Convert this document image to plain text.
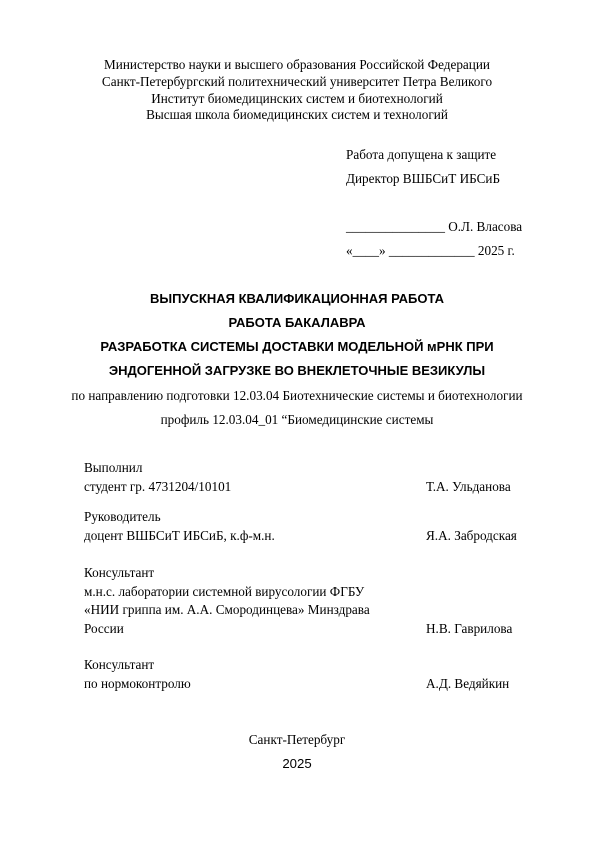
Министерство науки и высшего образования Российской Федерации
Санкт-Петербургский политехнический университет Петра Великого
Институт биомедицинских систем и биотехнологий
Высшая школа биомедицинских систем и технологий
Работа допущена к защите
Директор ВШБСиТ ИБСиБ
_______________ О.Л. Власова
«____» _____________ 2025 г.
ВЫПУСКНАЯ КВАЛИФИКАЦИОННАЯ РАБОТА
РАБОТА БАКАЛАВРА
РАЗРАБОТКА СИСТЕМЫ ДОСТАВКИ МОДЕЛЬНОЙ мРНК ПРИ
ЭНДОГЕННОЙ ЗАГРУЗКЕ ВО ВНЕКЛЕТОЧНЫЕ ВЕЗИКУЛЫ
по направлению подготовки 12.03.04 Биотехнические системы и биотехнологии
профиль 12.03.04_01 “Биомедицинские системы
Выполнил
студент гр. 4731204/10101	Т.А. Ульданова
Руководитель
доцент ВШБСиТ ИБСиБ, к.ф-м.н.	Я.А. Забродская
Консультант
м.н.с. лаборатории системной вирусологии ФГБУ
«НИИ гриппа им. А.А. Смородинцева» Минздрава
России	Н.В. Гаврилова
Консультант
по нормоконтролю	А.Д. Ведяйкин
Санкт-Петербург
2025
